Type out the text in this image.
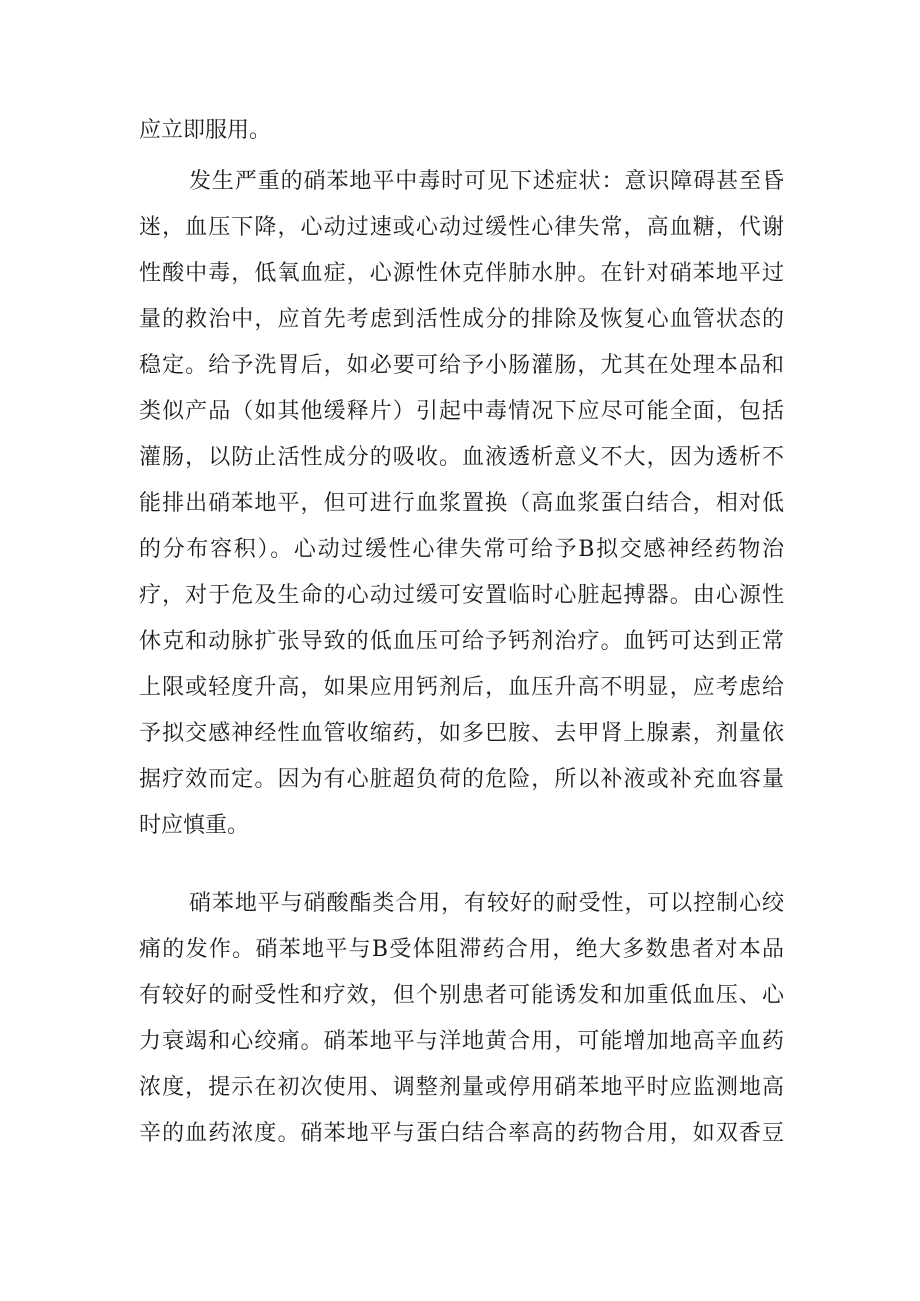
应立即服用。

发生严重的硝苯地平中毒时可见下述症状：意识障碍甚至昏

迷，血压下降，心动过速或心动过缓性心律失常，高血糖，代谢

性酸中毒，低氧血症，心源性休克伴肺水肿。在针对硝苯地平过

量的救治中，应首先考虑到活性成分的排除及恢复心血管状态的

稳定。给予洗胃后，如必要可给予小肠灌肠，尤其在处理本品和

类似产品（如其他缓释片）引起中毒情况下应尽可能全面，包括

灌肠，以防止活性成分的吸收。血液透析意义不大，因为透析不

能排出硝苯地平，但可进行血浆置换（高血浆蛋白结合，相对低

的分布容积）。心动过缓性心律失常可给予B拟交感神经药物治

疗，对于危及生命的心动过缓可安置临时心脏起搏器。由心源性

休克和动脉扩张导致的低血压可给予钙剂治疗。血钙可达到正常

上限或轻度升高，如果应用钙剂后，血压升高不明显，应考虑给

予拟交感神经性血管收缩药，如多巴胺、去甲肾上腺素，剂量依

据疗效而定。因为有心脏超负荷的危险，所以补液或补充血容量

时应慎重。

硝苯地平与硝酸酯类合用，有较好的耐受性，可以控制心绞

痛的发作。硝苯地平与B受体阻滞药合用，绝大多数患者对本品

有较好的耐受性和疗效，但个别患者可能诱发和加重低血压、心

力衰竭和心绞痛。硝苯地平与洋地黄合用，可能增加地高辛血药

浓度，提示在初次使用、调整剂量或停用硝苯地平时应监测地高

辛的血药浓度。硝苯地平与蛋白结合率高的药物合用，如双香豆
